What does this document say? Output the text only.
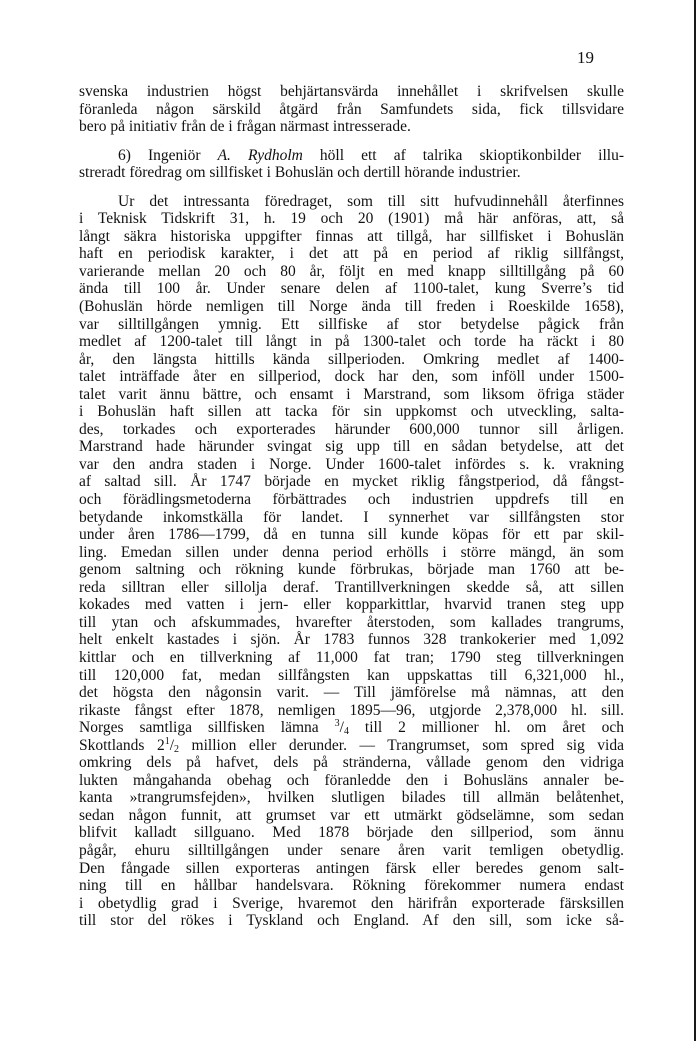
19
svenska industrien högst behjärtansvärda innehållet i skrifvelsen skulle
föranleda någon särskild åtgärd från Samfundets sida, fick tillsvidare
bero på initiativ från de i frågan närmast intresserade.
6) Ingeniör A. Rydholm höll ett af talrika skioptikonbilder illu-
streradt föredrag om sillfisket i Bohuslän och dertill hörande industrier.
Ur det intressanta föredraget, som till sitt hufvudinnehåll återfinnes
i Teknisk Tidskrift 31, h. 19 och 20 (1901) må här anföras, att, så
långt säkra historiska uppgifter finnas att tillgå, har sillfisket i Bohuslän
haft en periodisk karakter, i det att på en period af riklig sillfångst,
varierande mellan 20 och 80 år, följt en med knapp silltillgång på 60
ända till 100 år. Under senare delen af 1100-talet, kung Sverre’s tid
(Bohuslän hörde nemligen till Norge ända till freden i Roeskilde 1658),
var silltillgången ymnig. Ett sillfiske af stor betydelse pågick från
medlet af 1200-talet till långt in på 1300-talet och torde ha räckt i 80
år, den längsta hittills kända sillperioden. Omkring medlet af 1400-
talet inträffade åter en sillperiod, dock har den, som inföll under 1500-
talet varit ännu bättre, och ensamt i Marstrand, som liksom öfriga städer
i Bohuslän haft sillen att tacka för sin uppkomst och utveckling, salta-
des, torkades och exporterades härunder 600,000 tunnor sill årligen.
Marstrand hade härunder svingat sig upp till en sådan betydelse, att det
var den andra staden i Norge. Under 1600-talet infördes s. k. vrakning
af saltad sill. År 1747 började en mycket riklig fångstperiod, då fångst-
och förädlingsmetoderna förbättrades och industrien uppdrefs till en
betydande inkomstkälla för landet. I synnerhet var sillfångsten stor
under åren 1786—1799, då en tunna sill kunde köpas för ett par skil-
ling. Emedan sillen under denna period erhölls i större mängd, än som
genom saltning och rökning kunde förbrukas, började man 1760 att be-
reda silltran eller sillolja deraf. Trantillverkningen skedde så, att sillen
kokades med vatten i jern- eller kopparkittlar, hvarvid tranen steg upp
till ytan och afskummades, hvarefter återstoden, som kallades trangrums,
helt enkelt kastades i sjön. År 1783 funnos 328 trankokerier med 1,092
kittlar och en tillverkning af 11,000 fat tran; 1790 steg tillverkningen
till 120,000 fat, medan sillfångsten kan uppskattas till 6,321,000 hl.,
det högsta den någonsin varit. — Till jämförelse må nämnas, att den
rikaste fångst efter 1878, nemligen 1895—96, utgjorde 2,378,000 hl. sill.
Norges samtliga sillfisken lämna $^3/_4$ till 2 millioner hl. om året och
Skottlands $2^1/_2$ million eller derunder. — Trangrumset, som spred sig vida
omkring dels på hafvet, dels på stränderna, vållade genom den vidriga
lukten mångahanda obehag och föranledde den i Bohusläns annaler be-
kanta »trangrumsfejden», hvilken slutligen bilades till allmän belåtenhet,
sedan någon funnit, att grumset var ett utmärkt gödselämne, som sedan
blifvit kalladt sillguano. Med 1878 började den sillperiod, som ännu
pågår, ehuru silltillgången under senare åren varit temligen obetydlig.
Den fångade sillen exporteras antingen färsk eller beredes genom salt-
ning till en hållbar handelsvara. Rökning förekommer numera endast
i obetydlig grad i Sverige, hvaremot den härifrån exporterade färsksillen
till stor del rökes i Tyskland och England. Af den sill, som icke så-
